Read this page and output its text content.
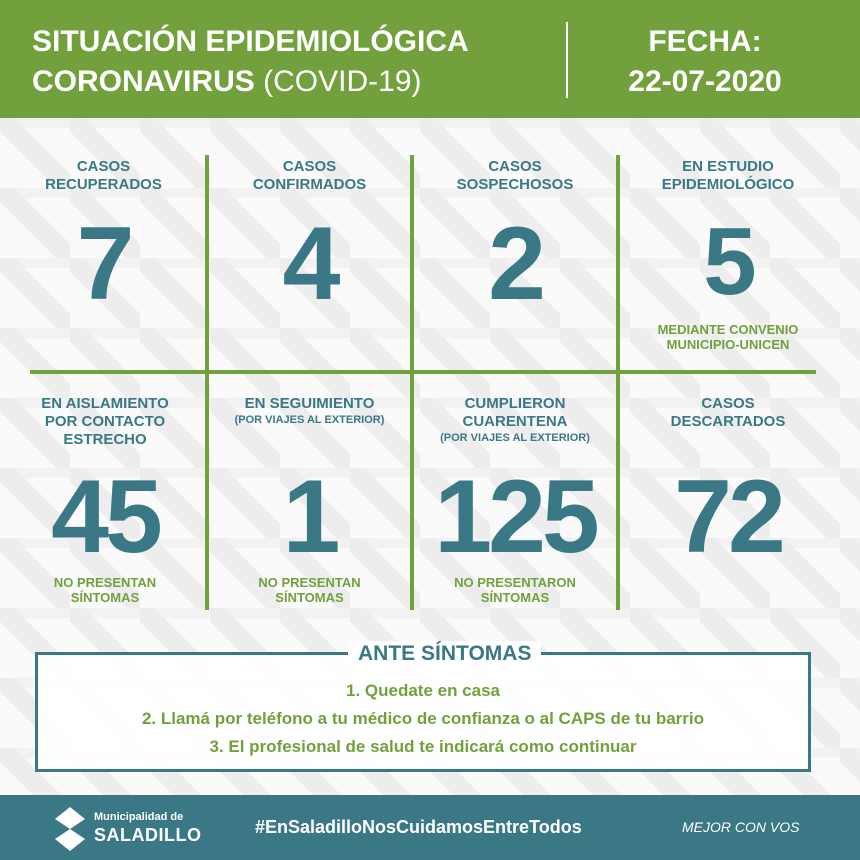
SITUACIÓN EPIDEMIOLÓGICA
CORONAVIRUS (COVID-19)
FECHA:
22-07-2020
CASOS
RECUPERADOS
7
CASOS
CONFIRMADOS
4
CASOS
SOSPECHOSOS
2
EN ESTUDIO
EPIDEMIOLÓGICO
5
MEDIANTE CONVENIO
MUNICIPIO-UNICEN
EN AISLAMIENTO
POR CONTACTO
ESTRECHO
45
NO PRESENTAN
SÍNTOMAS
EN SEGUIMIENTO
(POR VIAJES AL EXTERIOR)
1
NO PRESENTAN
SÍNTOMAS
CUMPLIERON
CUARENTENA
(POR VIAJES AL EXTERIOR)
125
NO PRESENTARON
SÍNTOMAS
CASOS
DESCARTADOS
72
ANTE SÍNTOMAS
1. Quedate en casa
2. Llamá por teléfono a tu médico de confianza o al CAPS de tu barrio
3. El profesional de salud te indicará como continuar
Municipalidad de
SALADILLO	#EnSaladilloNosCuidamosEntreTodos	MEJOR CON VOS
